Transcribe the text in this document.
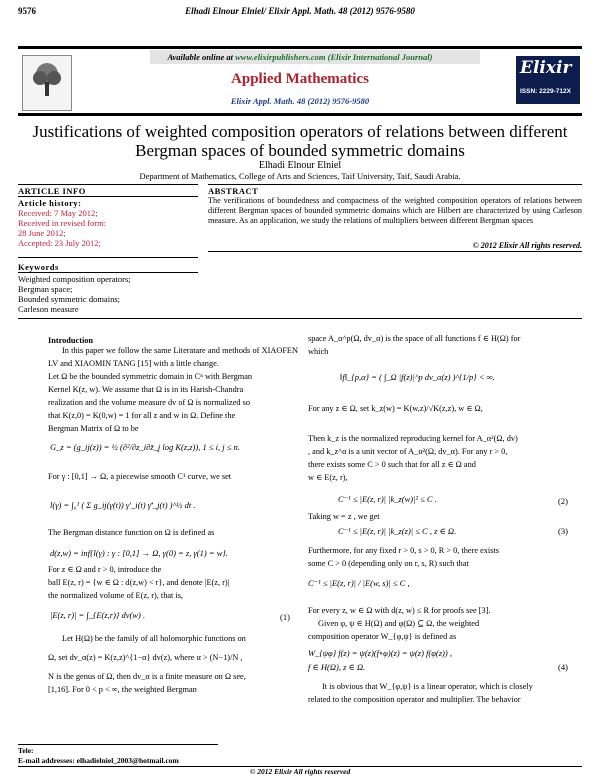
9576	Elhadi Elnour Elniel/ Elixir Appl. Math. 48 (2012) 9576-9580
Available online at www.elixirpublishers.com (Elixir International Journal)
Applied Mathematics
Elixir Appl. Math. 48 (2012) 9576-9580
Elixir
ISSN: 2229-712X
Justifications of weighted composition operators of relations between different
Bergman spaces of bounded symmetric domains
Elhadi Elnour Elniel
Department of Mathematics, College of Arts and Sciences, Taif University, Taif, Saudi Arabia.
ARTICLE INFO
Article history:
Received: 7 May 2012;
Received in revised form:
28 June 2012;
Accepted: 23 July 2012;
Keywords
Weighted composition operators;
Bergman space;
Bounded symmetric domains;
Carleson measure
ABSTRACT
The verifications of boundedness and compactness of the weighted composition operators of relations between different Bergman spaces of bounded symmetric domains which are Hilbert are characterized by using Carleson measure. As an application, we study the relations of multipliers between different Bergman spaces
© 2012 Elixir All rights reserved.
Introduction
In this paper we follow the same Literatare and methods of XIAOFEN LV and XIAOMIN TANG [15] with a little change.
Let Ω be the bounded symmetric domain in Cⁿ with Bergman
Kernel K(z, w). We assume that Ω is in its Harish-Chandra
realization and the volume measure dv of Ω is normalized so
that K(z,0) = K(0,w) = 1 for all z and w in Ω. Define the
Bergman Matrix of Ω to be
G_z = (g_ij(z)) = ½ (∂²/∂z_i∂z̄_j log K(z,z)), 1 ≤ i, j ≤ n.
For γ : [0,1] → Ω, a piecewise smooth C¹ curve, we set
l(γ) = ∫₀¹ ( Σ g_ij(γ(t)) γ'_i(t) γ̄'_j(t) )^½ dt .
The Bergman distance function on Ω is defined as
d(z,w) = inf{l(γ) : γ : [0,1] → Ω, γ(0) = z, γ(1) = w}.
For z ∈ Ω and r > 0, introduce the
ball E(z, r) = {w ∈ Ω : d(z,w) < r}, and denote |E(z, r)|
the normalized volume of E(z, r), that is,
|E(z, r)| = ∫_{E(z,r)} dv(w) .	(1)
Let H(Ω) be the family of all holomorphic functions on
Ω, set dv_α(z) = K(z,z)^{1−α} dv(z), where α > (N−1)/N ,
N is the genus of Ω, then dv_α is a finite measure on Ω see,
[1,16]. For 0 < p < ∞, the weighted Bergman
space A_α^p(Ω, dv_α) is the space of all functions f ∈ H(Ω) for
which
‖f‖_{p,α} = ( ∫_Ω |f(z)|^p dv_α(z) )^{1/p} < ∞.
For any z ∈ Ω, set k_z(w) = K(w,z)/√K(z,z), w ∈ Ω,
Then k_z is the normalized reproducing kernel for A_α²(Ω, dv)
, and k_z^α is a unit vector of A_α²(Ω, dv_α). For any r > 0,
there exists some C > 0 such that for all z ∈ Ω and
w ∈ E(z, r),
C⁻¹ ≤ |E(z, r)| |k_z(w)|² ≤ C .	(2)
Taking w = z , we get
C⁻¹ ≤ |E(z, r)| |k_z(z)| ≤ C , z ∈ Ω.	(3)
Furthermore, for any fixed r > 0, s > 0, R > 0, there exists
some C > 0 (depending only on r, s, R) such that
C⁻¹ ≤ |E(z, r)| / |E(w, s)| ≤ C ,
For every z, w ∈ Ω with d(z, w) ≤ R for proofs see [3].
Given φ, ψ ∈ H(Ω) and φ(Ω) ⊆ Ω, the weighted
composition operator W_{φ,ψ} is defined as
W_{ψφ} f(z) = ψ(z)(f∘φ)(z) = ψ(z) f(φ(z)) ,
f ∈ H(Ω), z ∈ Ω.	(4)
It is obvious that W_{φ,ψ} is a linear operator, which is closely
related to the composition operator and multiplier. The behavior
Tele:
E-mail addresses: elhadielniel_2003@hotmail.com
© 2012 Elixir All rights reserved
